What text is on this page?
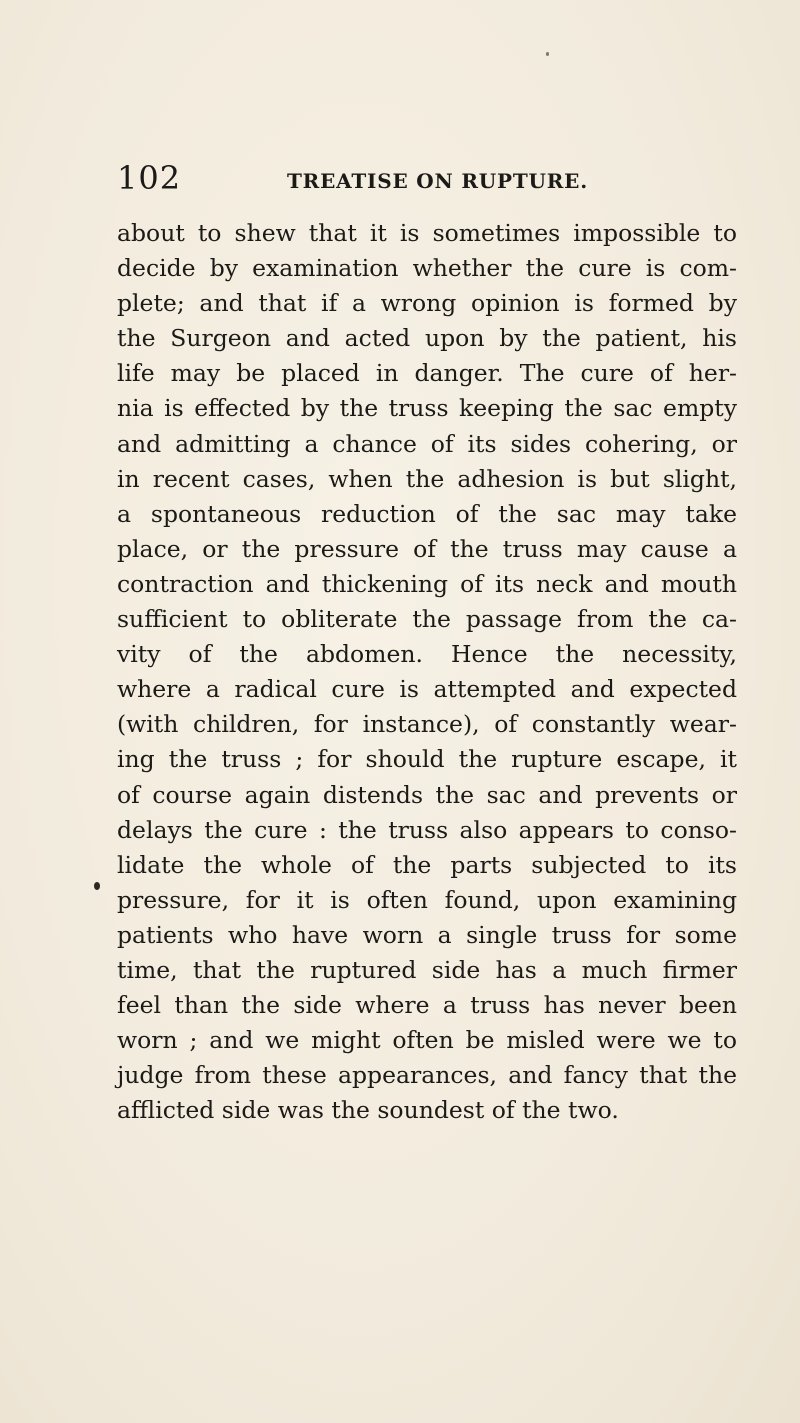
102	TREATISE ON RUPTURE.
about to shew that it is sometimes impossible to
decide by examination whether the cure is com-
plete; and that if a wrong opinion is formed by
the Surgeon and acted upon by the patient, his
life may be placed in danger. The cure of her-
nia is effected by the truss keeping the sac empty
and admitting a chance of its sides cohering, or
in recent cases, when the adhesion is but slight,
a spontaneous reduction of the sac may take
place, or the pressure of the truss may cause a
contraction and thickening of its neck and mouth
sufficient to obliterate the passage from the ca-
vity of the abdomen. Hence the necessity,
where a radical cure is attempted and expected
(with children, for instance), of constantly wear-
ing the truss ; for should the rupture escape, it
of course again distends the sac and prevents or
delays the cure : the truss also appears to conso-
lidate the whole of the parts subjected to its
pressure, for it is often found, upon examining
patients who have worn a single truss for some
time, that the ruptured side has a much firmer
feel than the side where a truss has never been
worn ; and we might often be misled were we to
judge from these appearances, and fancy that the
afflicted side was the soundest of the two.
